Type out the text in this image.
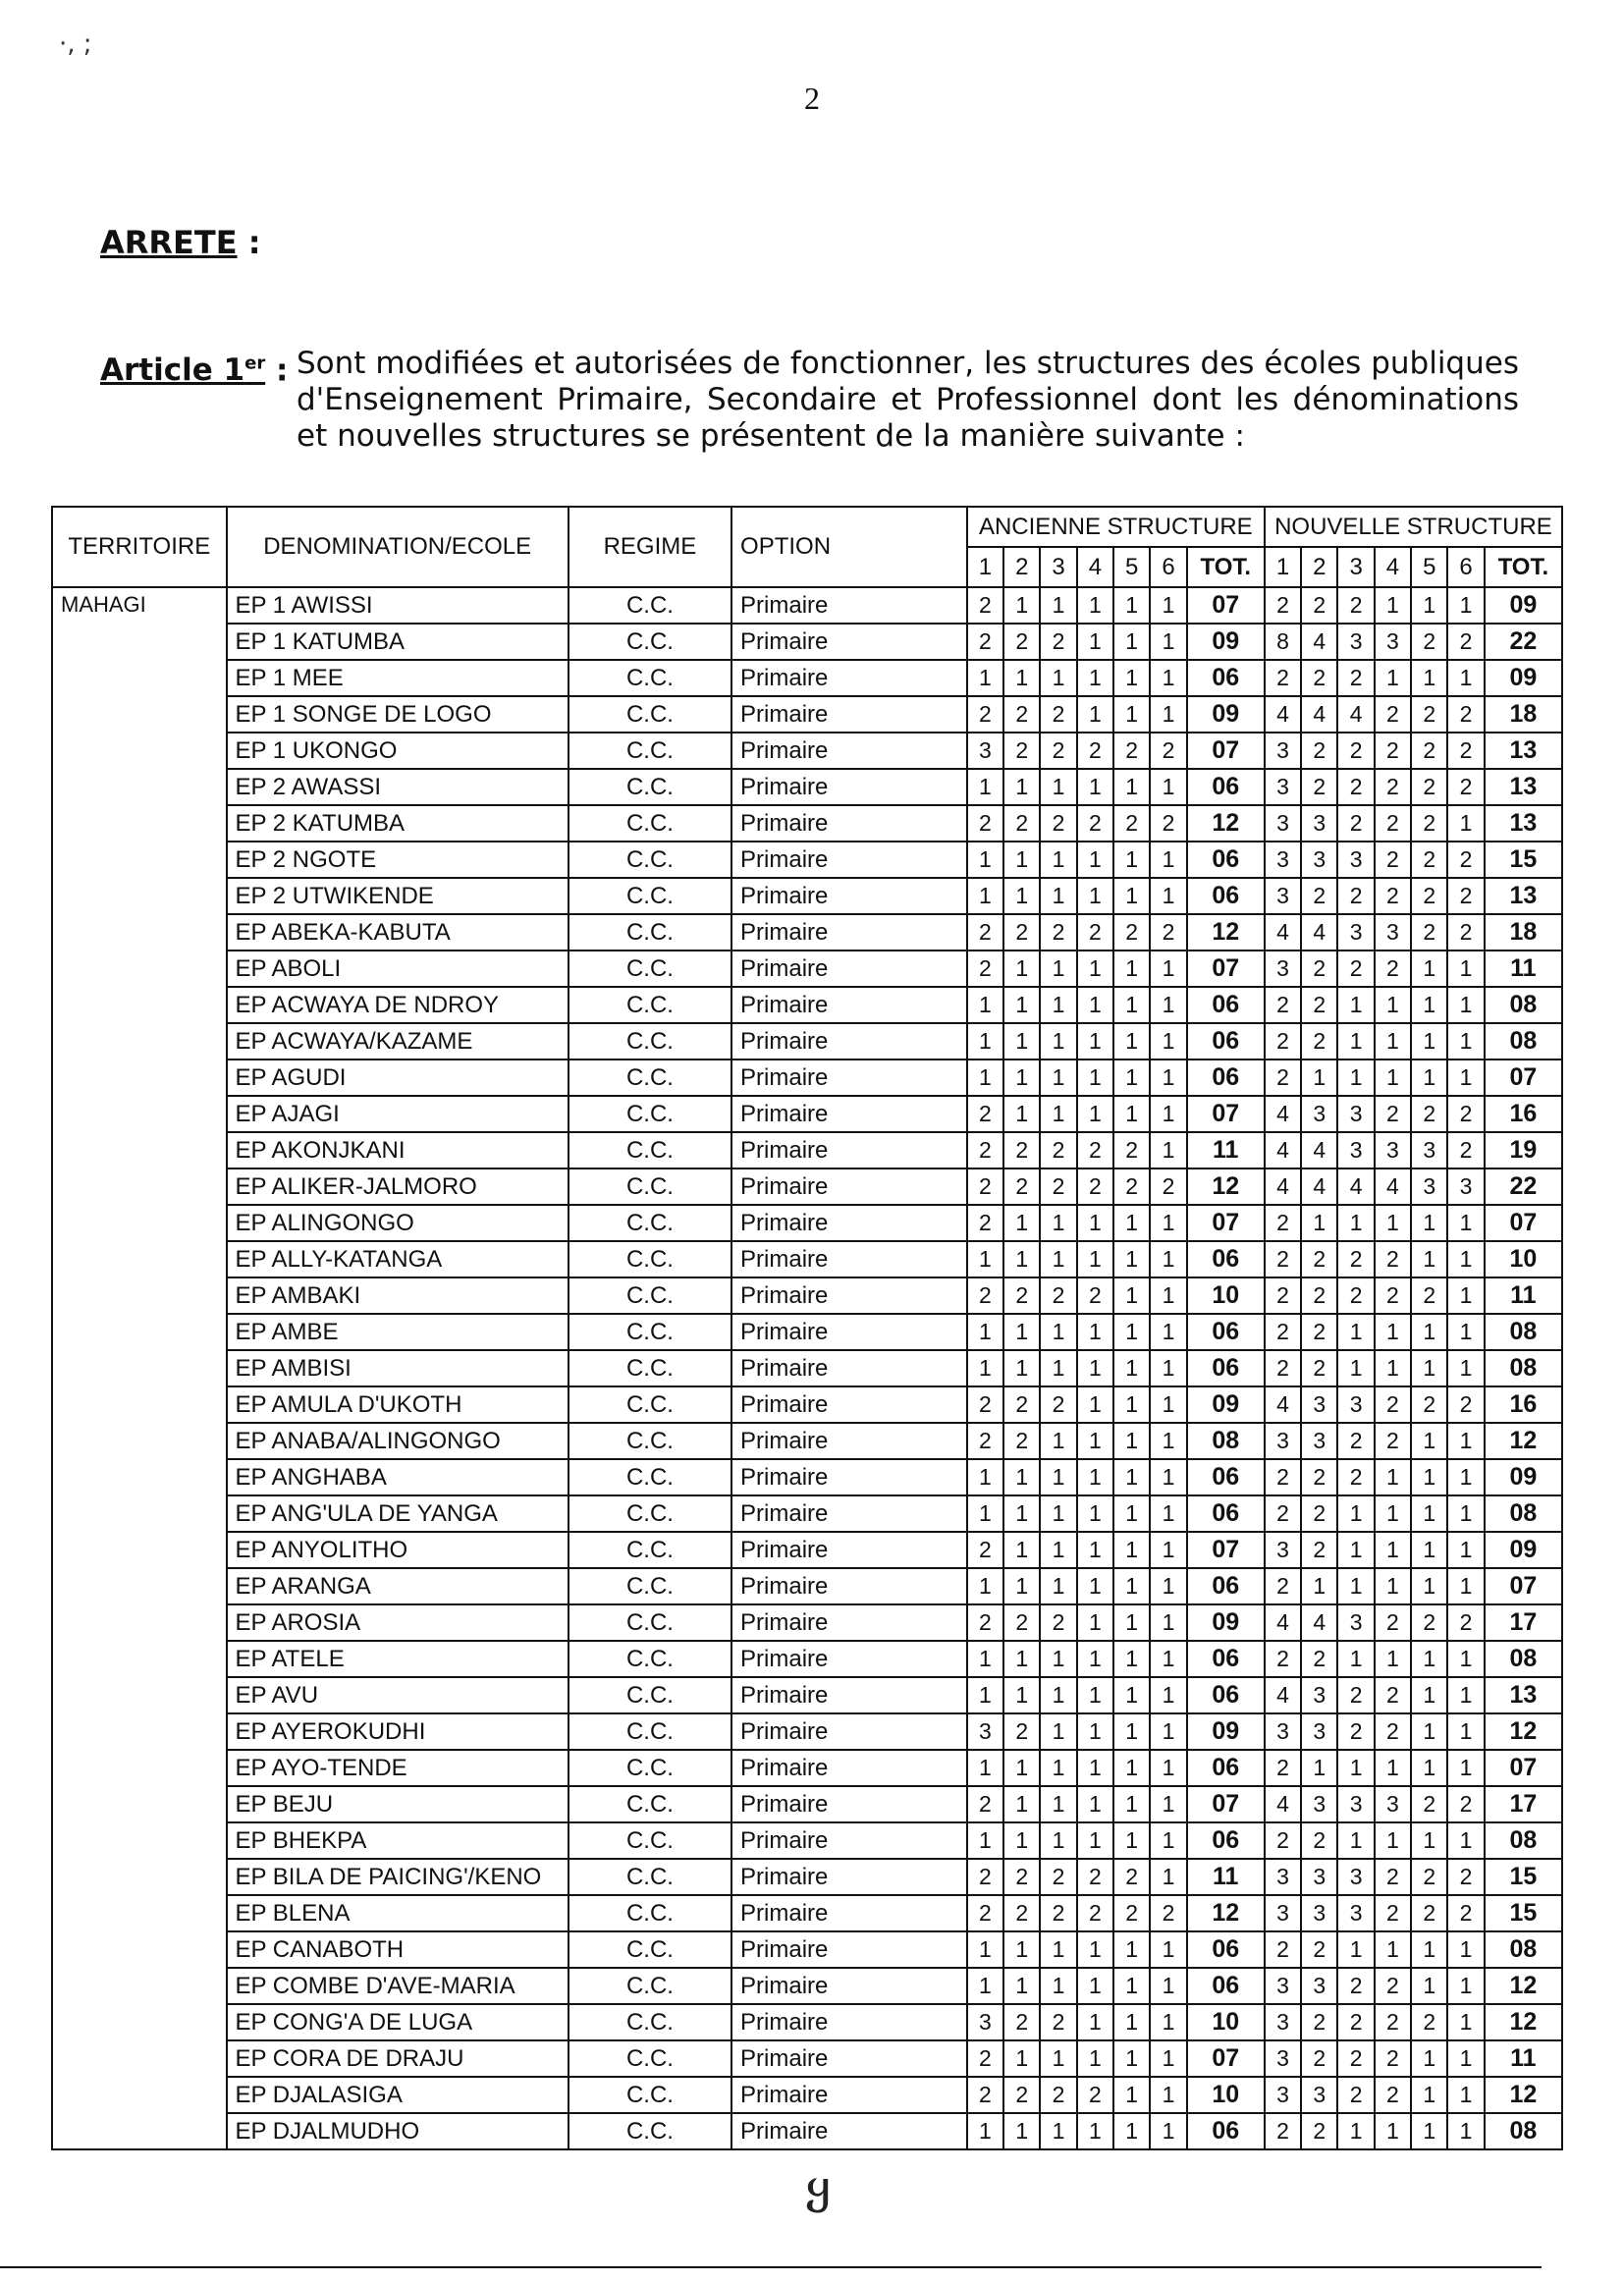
·, ;
2
ARRETE :
Article 1er : Sont modifiées et autorisées de fonctionner, les structures des écoles publiques d'Enseignement Primaire, Secondaire et Professionnel dont les dénominations et nouvelles structures se présentent de la manière suivante :
TERRITOIRE	DENOMINATION/ECOLE	REGIME	OPTION	ANCIENNE STRUCTURE							NOUVELLE STRUCTURE						
				1	2	3	4	5	6	TOT.	1	2	3	4	5	6	TOT.
MAHAGI	EP 1 AWISSI	C.C.	Primaire	2	1	1	1	1	1	07	2	2	2	1	1	1	09
	EP 1 KATUMBA	C.C.	Primaire	2	2	2	1	1	1	09	8	4	3	3	2	2	22
	EP 1 MEE	C.C.	Primaire	1	1	1	1	1	1	06	2	2	2	1	1	1	09
	EP 1 SONGE DE LOGO	C.C.	Primaire	2	2	2	1	1	1	09	4	4	4	2	2	2	18
	EP 1 UKONGO	C.C.	Primaire	3	2	2	2	2	2	07	3	2	2	2	2	2	13
	EP 2 AWASSI	C.C.	Primaire	1	1	1	1	1	1	06	3	2	2	2	2	2	13
	EP 2 KATUMBA	C.C.	Primaire	2	2	2	2	2	2	12	3	3	2	2	2	1	13
	EP 2 NGOTE	C.C.	Primaire	1	1	1	1	1	1	06	3	3	3	2	2	2	15
	EP 2 UTWIKENDE	C.C.	Primaire	1	1	1	1	1	1	06	3	2	2	2	2	2	13
	EP ABEKA-KABUTA	C.C.	Primaire	2	2	2	2	2	2	12	4	4	3	3	2	2	18
	EP ABOLI	C.C.	Primaire	2	1	1	1	1	1	07	3	2	2	2	1	1	11
	EP ACWAYA DE NDROY	C.C.	Primaire	1	1	1	1	1	1	06	2	2	1	1	1	1	08
	EP ACWAYA/KAZAME	C.C.	Primaire	1	1	1	1	1	1	06	2	2	1	1	1	1	08
	EP AGUDI	C.C.	Primaire	1	1	1	1	1	1	06	2	1	1	1	1	1	07
	EP AJAGI	C.C.	Primaire	2	1	1	1	1	1	07	4	3	3	2	2	2	16
	EP AKONJKANI	C.C.	Primaire	2	2	2	2	2	1	11	4	4	3	3	3	2	19
	EP ALIKER-JALMORO	C.C.	Primaire	2	2	2	2	2	2	12	4	4	4	4	3	3	22
	EP ALINGONGO	C.C.	Primaire	2	1	1	1	1	1	07	2	1	1	1	1	1	07
	EP ALLY-KATANGA	C.C.	Primaire	1	1	1	1	1	1	06	2	2	2	2	1	1	10
	EP AMBAKI	C.C.	Primaire	2	2	2	2	1	1	10	2	2	2	2	2	1	11
	EP AMBE	C.C.	Primaire	1	1	1	1	1	1	06	2	2	1	1	1	1	08
	EP AMBISI	C.C.	Primaire	1	1	1	1	1	1	06	2	2	1	1	1	1	08
	EP AMULA D'UKOTH	C.C.	Primaire	2	2	2	1	1	1	09	4	3	3	2	2	2	16
	EP ANABA/ALINGONGO	C.C.	Primaire	2	2	1	1	1	1	08	3	3	2	2	1	1	12
	EP ANGHABA	C.C.	Primaire	1	1	1	1	1	1	06	2	2	2	1	1	1	09
	EP ANG'ULA DE YANGA	C.C.	Primaire	1	1	1	1	1	1	06	2	2	1	1	1	1	08
	EP ANYOLITHO	C.C.	Primaire	2	1	1	1	1	1	07	3	2	1	1	1	1	09
	EP ARANGA	C.C.	Primaire	1	1	1	1	1	1	06	2	1	1	1	1	1	07
	EP AROSIA	C.C.	Primaire	2	2	2	1	1	1	09	4	4	3	2	2	2	17
	EP ATELE	C.C.	Primaire	1	1	1	1	1	1	06	2	2	1	1	1	1	08
	EP AVU	C.C.	Primaire	1	1	1	1	1	1	06	4	3	2	2	1	1	13
	EP AYEROKUDHI	C.C.	Primaire	3	2	1	1	1	1	09	3	3	2	2	1	1	12
	EP AYO-TENDE	C.C.	Primaire	1	1	1	1	1	1	06	2	1	1	1	1	1	07
	EP BEJU	C.C.	Primaire	2	1	1	1	1	1	07	4	3	3	3	2	2	17
	EP BHEKPA	C.C.	Primaire	1	1	1	1	1	1	06	2	2	1	1	1	1	08
	EP BILA DE PAICING'/KENO	C.C.	Primaire	2	2	2	2	2	1	11	3	3	3	2	2	2	15
	EP BLENA	C.C.	Primaire	2	2	2	2	2	2	12	3	3	3	2	2	2	15
	EP CANABOTH	C.C.	Primaire	1	1	1	1	1	1	06	2	2	1	1	1	1	08
	EP COMBE D'AVE-MARIA	C.C.	Primaire	1	1	1	1	1	1	06	3	3	2	2	1	1	12
	EP CONG'A DE LUGA	C.C.	Primaire	3	2	2	1	1	1	10	3	2	2	2	2	1	12
	EP CORA DE DRAJU	C.C.	Primaire	2	1	1	1	1	1	07	3	2	2	2	1	1	11
	EP DJALASIGA	C.C.	Primaire	2	2	2	2	1	1	10	3	3	2	2	1	1	12
	EP DJALMUDHO	C.C.	Primaire	1	1	1	1	1	1	06	2	2	1	1	1	1	08
ყ
